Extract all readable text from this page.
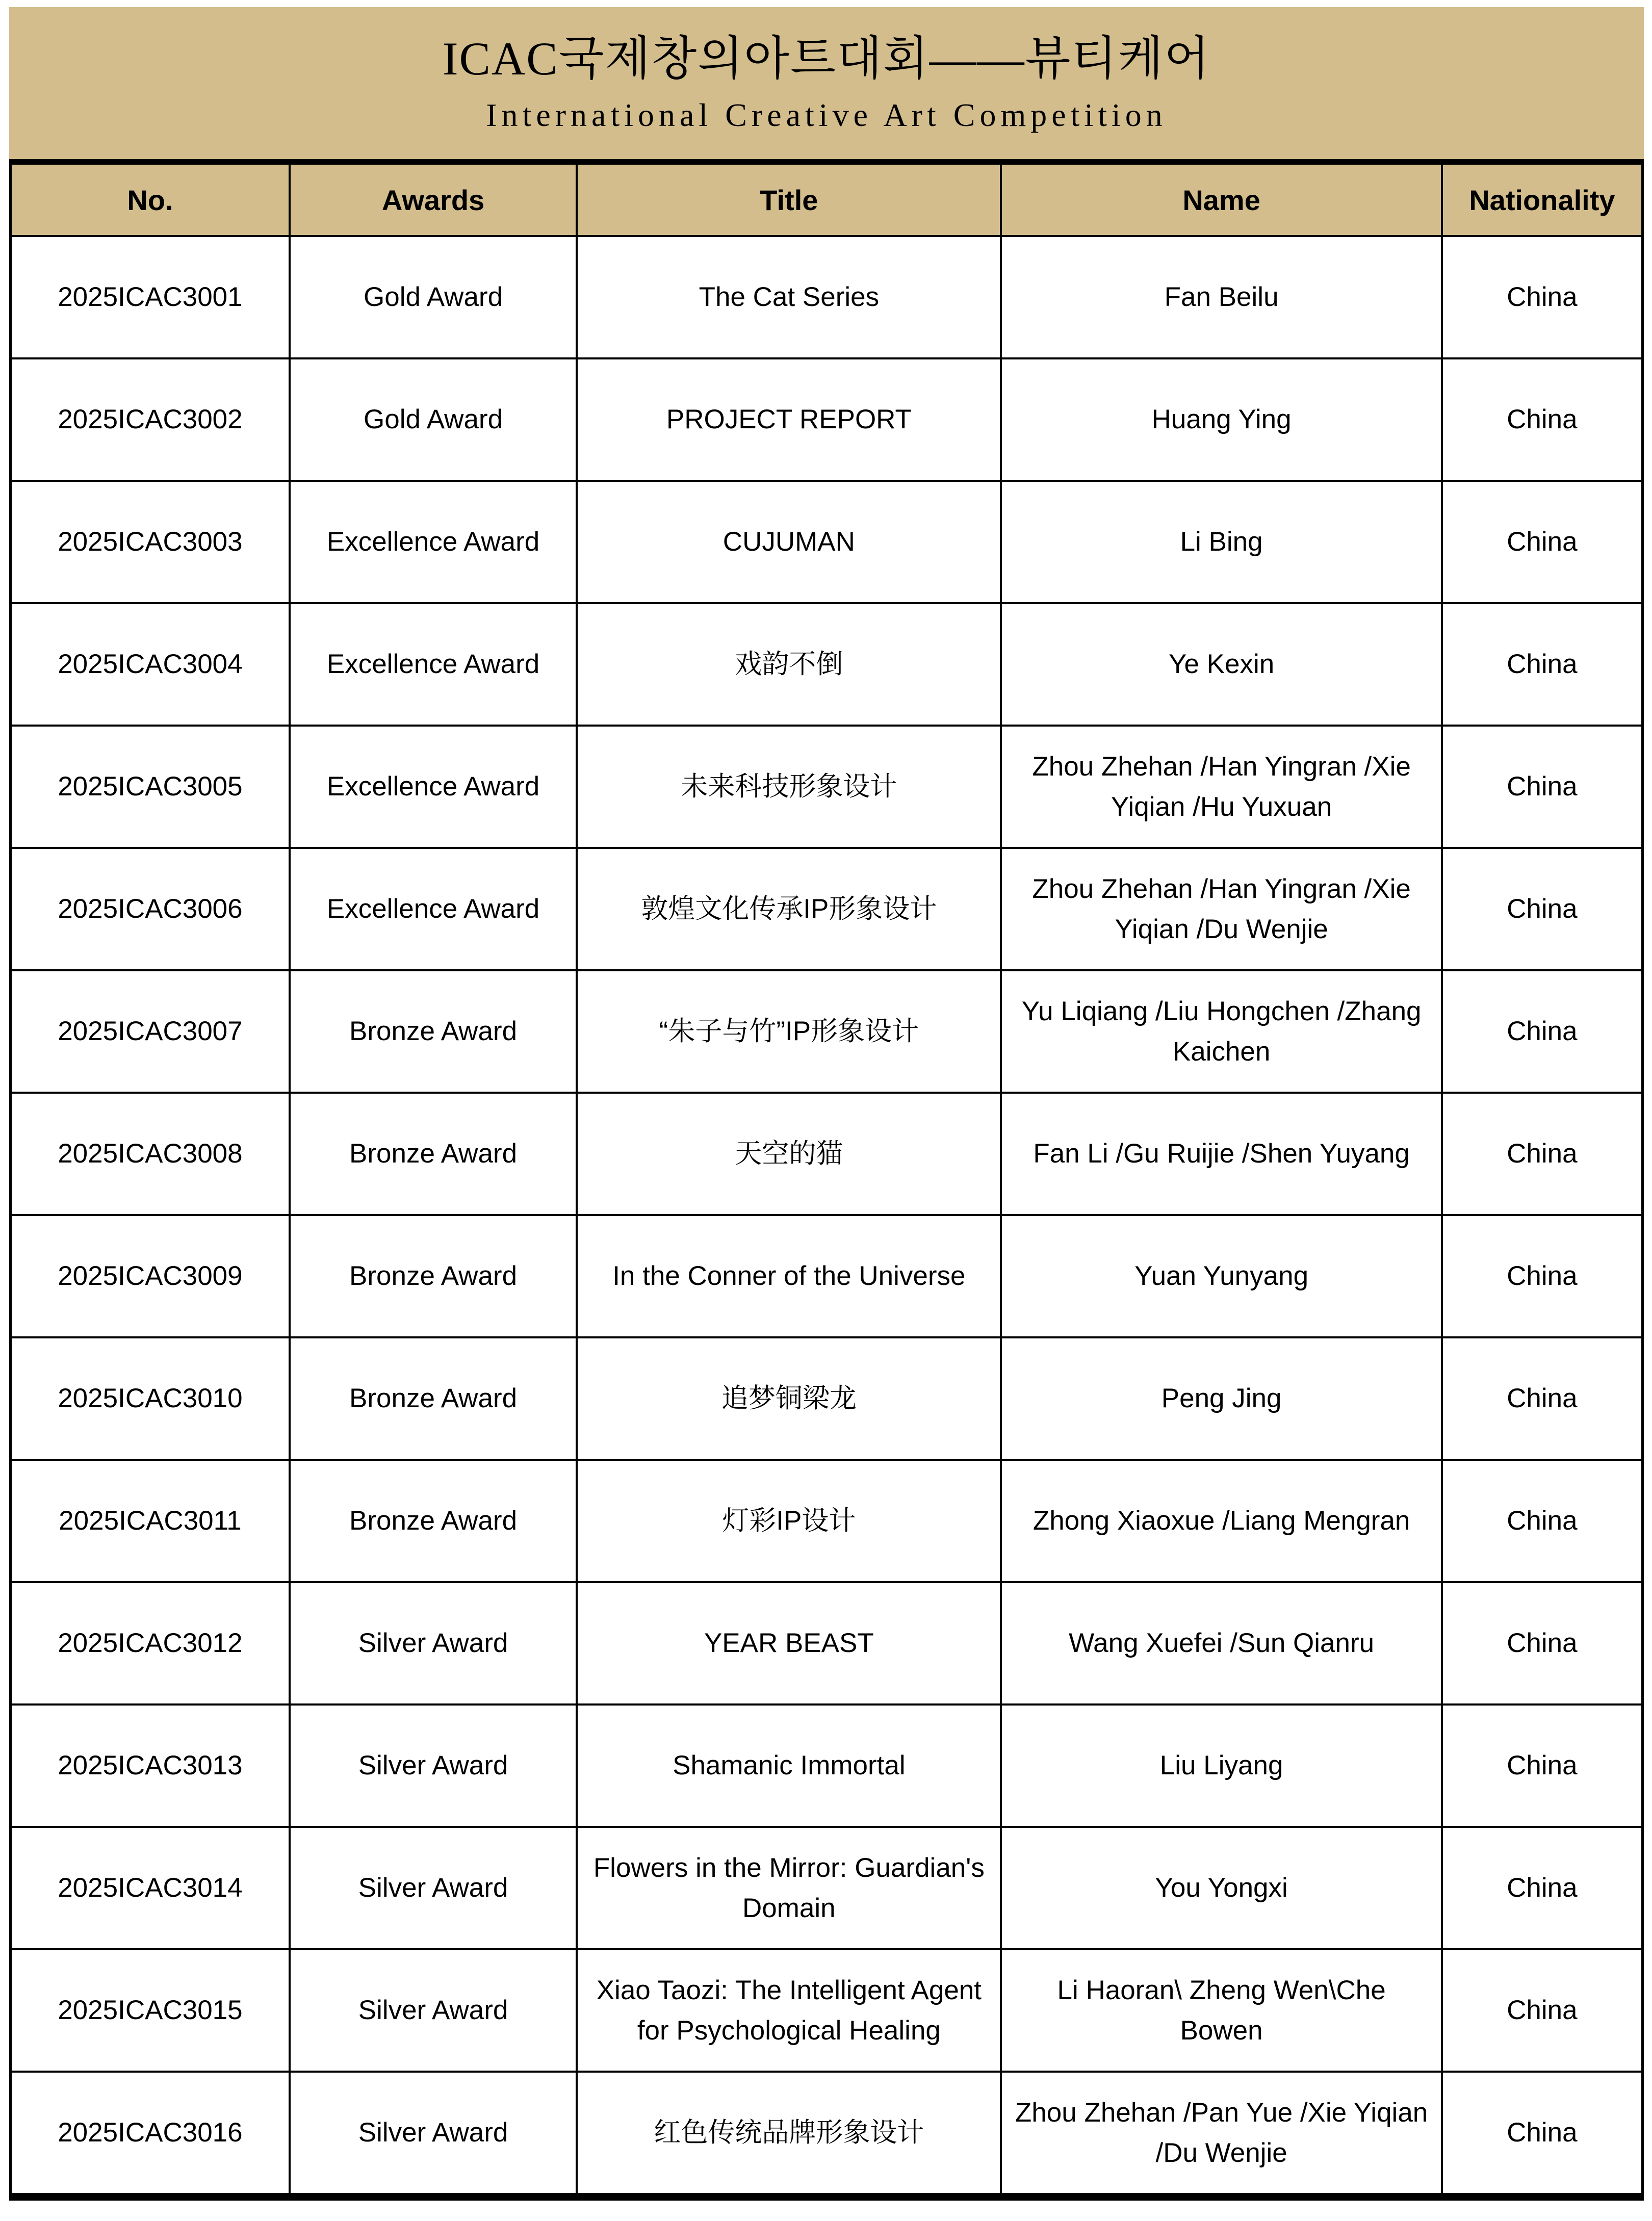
ICAC국제창의아트대회——뷰티케어
International Creative Art Competition
No.	Awards	Title	Name	Nationality
2025ICAC3001	Gold Award	The Cat Series	Fan Beilu	China
2025ICAC3002	Gold Award	PROJECT REPORT	Huang Ying	China
2025ICAC3003	Excellence Award	CUJUMAN	Li Bing	China
2025ICAC3004	Excellence Award	戏韵不倒	Ye Kexin	China
2025ICAC3005	Excellence Award	未来科技形象设计	Zhou Zhehan /Han Yingran /Xie Yiqian /Hu Yuxuan	China
2025ICAC3006	Excellence Award	敦煌文化传承IP形象设计	Zhou Zhehan /Han Yingran /Xie Yiqian /Du Wenjie	China
2025ICAC3007	Bronze Award	“朱子与竹”IP形象设计	Yu Liqiang /Liu Hongchen /Zhang Kaichen	China
2025ICAC3008	Bronze Award	天空的猫	Fan Li /Gu Ruijie /Shen Yuyang	China
2025ICAC3009	Bronze Award	In the Conner of the Universe	Yuan Yunyang	China
2025ICAC3010	Bronze Award	追梦铜梁龙	Peng Jing	China
2025ICAC3011	Bronze Award	灯彩IP设计	Zhong Xiaoxue /Liang Mengran	China
2025ICAC3012	Silver Award	YEAR BEAST	Wang Xuefei /Sun Qianru	China
2025ICAC3013	Silver Award	Shamanic Immortal	Liu Liyang	China
2025ICAC3014	Silver Award	Flowers in the Mirror: Guardian's Domain	You Yongxi	China
2025ICAC3015	Silver Award	Xiao Taozi: The Intelligent Agent for Psychological Healing	Li Haoran\ Zheng Wen\Che Bowen	China
2025ICAC3016	Silver Award	红色传统品牌形象设计	Zhou Zhehan /Pan Yue /Xie Yiqian /Du Wenjie	China
